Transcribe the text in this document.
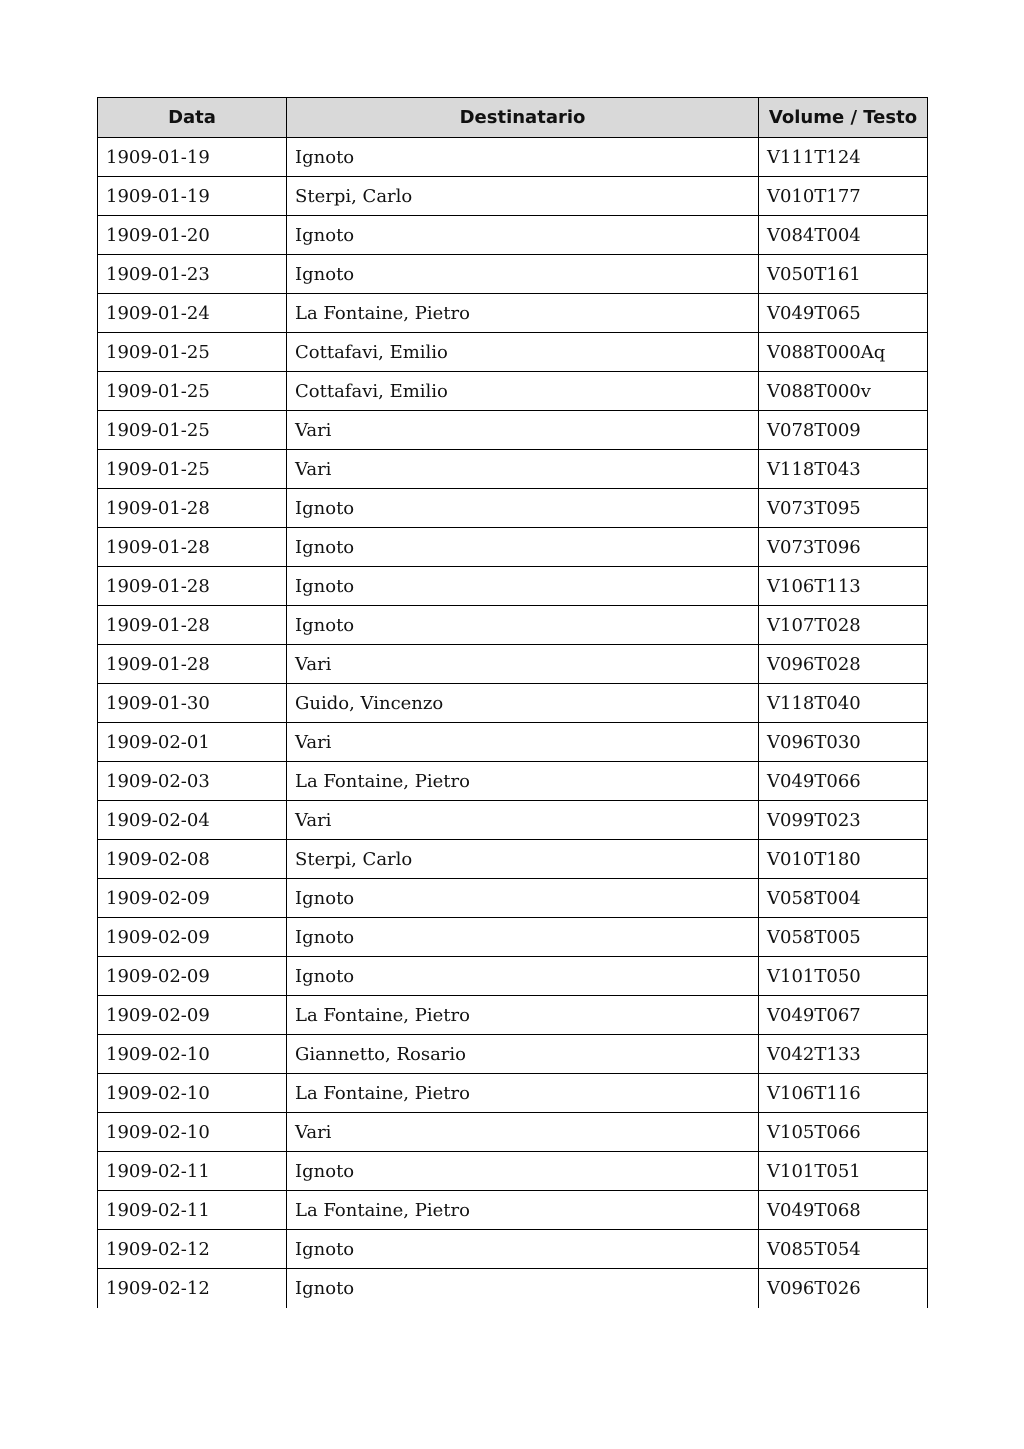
Data	Destinatario	Volume / Testo
1909-01-19	Ignoto	V111T124
1909-01-19	Sterpi, Carlo	V010T177
1909-01-20	Ignoto	V084T004
1909-01-23	Ignoto	V050T161
1909-01-24	La Fontaine, Pietro	V049T065
1909-01-25	Cottafavi, Emilio	V088T000Aq
1909-01-25	Cottafavi, Emilio	V088T000v
1909-01-25	Vari	V078T009
1909-01-25	Vari	V118T043
1909-01-28	Ignoto	V073T095
1909-01-28	Ignoto	V073T096
1909-01-28	Ignoto	V106T113
1909-01-28	Ignoto	V107T028
1909-01-28	Vari	V096T028
1909-01-30	Guido, Vincenzo	V118T040
1909-02-01	Vari	V096T030
1909-02-03	La Fontaine, Pietro	V049T066
1909-02-04	Vari	V099T023
1909-02-08	Sterpi, Carlo	V010T180
1909-02-09	Ignoto	V058T004
1909-02-09	Ignoto	V058T005
1909-02-09	Ignoto	V101T050
1909-02-09	La Fontaine, Pietro	V049T067
1909-02-10	Giannetto, Rosario	V042T133
1909-02-10	La Fontaine, Pietro	V106T116
1909-02-10	Vari	V105T066
1909-02-11	Ignoto	V101T051
1909-02-11	La Fontaine, Pietro	V049T068
1909-02-12	Ignoto	V085T054
1909-02-12	Ignoto	V096T026
